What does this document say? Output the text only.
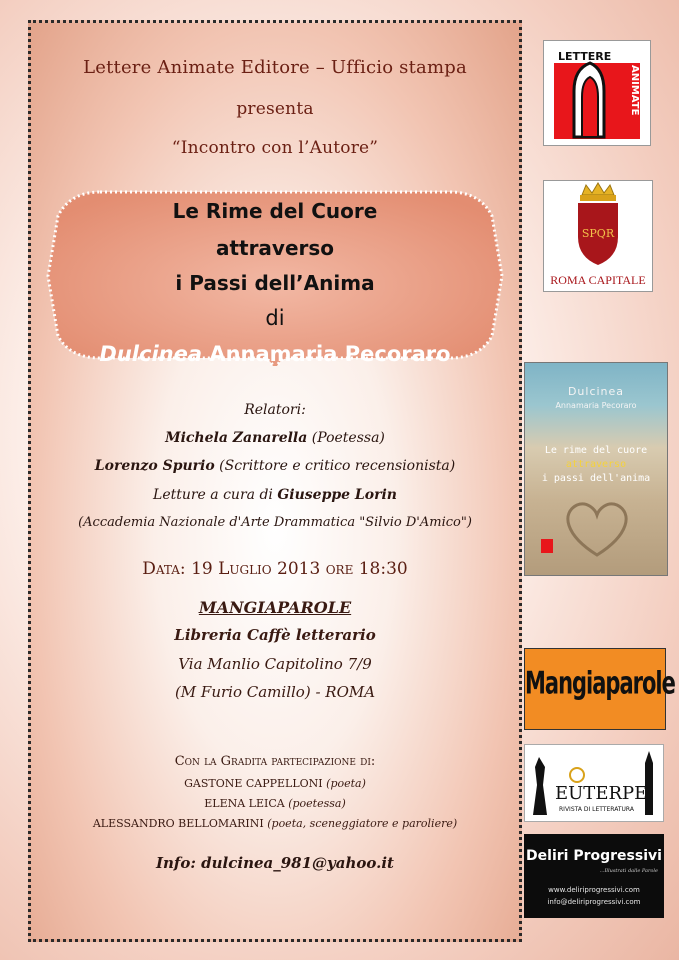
Lettere Animate Editore – Ufficio stampa
presenta
“Incontro con l’Autore”
Le Rime del Cuore
attraverso
i Passi dell’Anima
di
Dulcinea Annamaria Pecoraro
Relatori:
Michela Zanarella (Poetessa)
Lorenzo Spurio (Scrittore e critico recensionista)
Letture a cura di Giuseppe Lorin
(Accademia Nazionale d'Arte Drammatica "Silvio D'Amico")
Data: 19 Luglio 2013 ore 18:30
MANGIAPAROLE
Libreria Caffè letterario
Via Manlio Capitolino 7/9
(M Furio Camillo) - ROMA
Con la Gradita partecipazione di:
GASTONE CAPPELLONI (poeta)
ELENA LEICA (poetessa)
ALESSANDRO BELLOMARINI (poeta, sceneggiatore e paroliere)
Info: dulcinea_981@yahoo.it
LETTERE
ANIMATE
SPQR
ROMA CAPITALE
Dulcinea
Annamaria Pecoraro
Le rime del cuore
attraverso
i passi dell'anima
Mangiaparole
EUTERPE
RIVISTA DI LETTERATURA
Deliri Progressivi
...Illustrati dalle Parole
www.deliriprogressivi.com
info@deliriprogressivi.com
